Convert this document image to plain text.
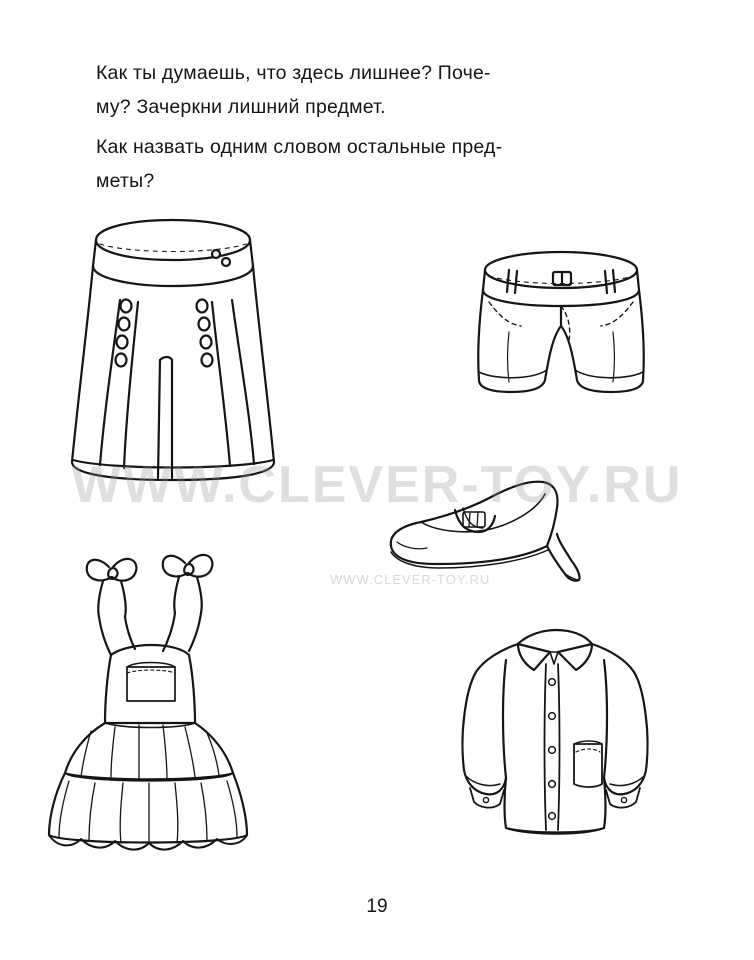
Как ты думаешь, что здесь лишнее? Поче-

му? Зачеркни лишний предмет.

Как назвать одним словом остальные пред-

меты?

WWW.CLEVER-TOY.RU
WWW.CLEVER-TOY.RU
19
